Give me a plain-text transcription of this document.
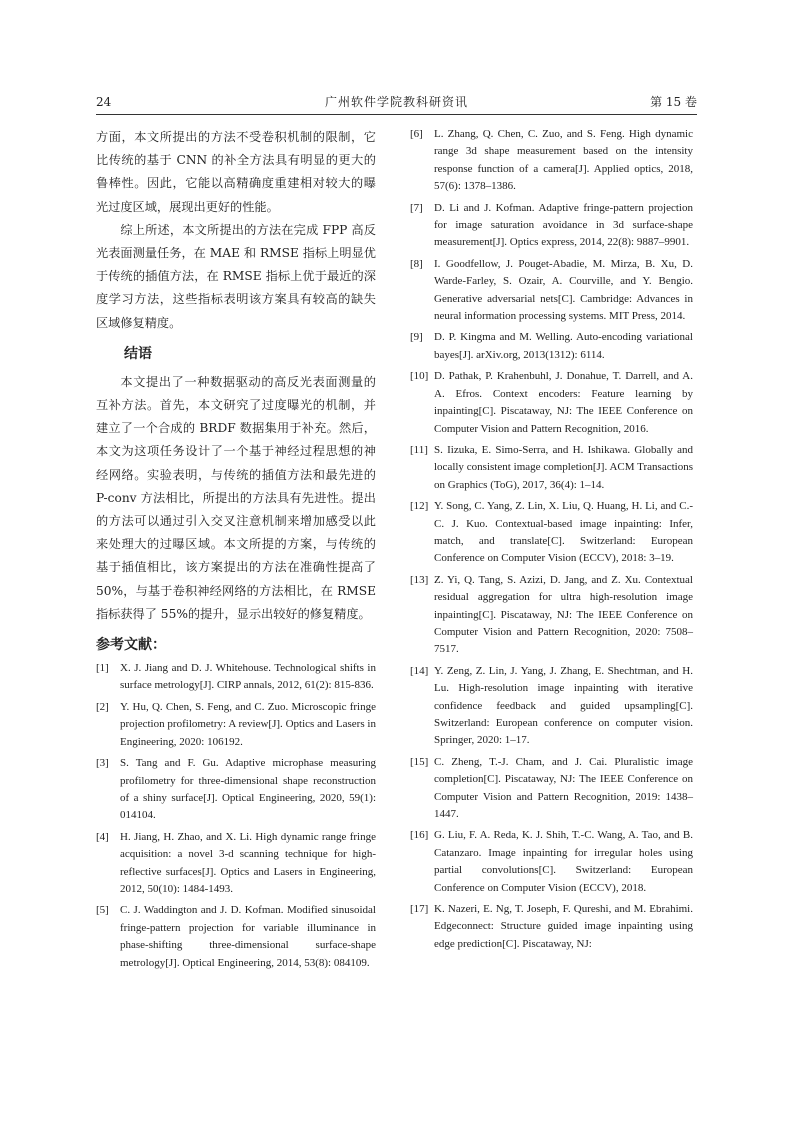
24	广州软件学院教科研资讯	第 15 卷

方面，本文所提出的方法不受卷积机制的限制，它比传统的基于 CNN 的补全方法具有明显的更大的鲁棒性。因此，它能以高精确度重建相对较大的曝光过度区域，展现出更好的性能。

综上所述，本文所提出的方法在完成 FPP 高反光表面测量任务，在 MAE 和 RMSE 指标上明显优于传统的插值方法，在 RMSE 指标上优于最近的深度学习方法，这些指标表明该方案具有较高的缺失区域修复精度。

结语

本文提出了一种数据驱动的高反光表面测量的互补方法。首先，本文研究了过度曝光的机制，并建立了一个合成的 BRDF 数据集用于补充。然后，本文为这项任务设计了一个基于神经过程思想的神经网络。实验表明，与传统的插值方法和最先进的 P-conv 方法相比，所提出的方法具有先进性。提出的方法可以通过引入交叉注意机制来增加感受以此来处理大的过曝区域。本文所提的方案，与传统的基于插值相比，该方案提出的方法在准确性提高了 50%，与基于卷积神经网络的方法相比，在 RMSE 指标获得了 55%的提升，显示出较好的修复精度。

参考文献：

[1] X. J. Jiang and D. J. Whitehouse. Technological shifts in surface metrology[J]. CIRP annals, 2012, 61(2): 815-836.

[2] Y. Hu, Q. Chen, S. Feng, and C. Zuo. Microscopic fringe projection profilometry: A review[J]. Optics and Lasers in Engineering, 2020: 106192.

[3] S. Tang and F. Gu. Adaptive microphase measuring profilometry for three-dimensional shape reconstruction of a shiny surface[J]. Optical Engineering, 2020, 59(1): 014104.

[4] H. Jiang, H. Zhao, and X. Li. High dynamic range fringe acquisition: a novel 3-d scanning technique for high-reflective surfaces[J]. Optics and Lasers in Engineering, 2012, 50(10): 1484-1493.

[5] C. J. Waddington and J. D. Kofman. Modified sinusoidal fringe-pattern projection for variable illuminance in phase-shifting three-dimensional surface-shape metrology[J]. Optical Engineering, 2014, 53(8): 084109.

[6] L. Zhang, Q. Chen, C. Zuo, and S. Feng. High dynamic range 3d shape measurement based on the intensity response function of a camera[J]. Applied optics, 2018, 57(6): 1378–1386.

[7] D. Li and J. Kofman. Adaptive fringe-pattern projection for image saturation avoidance in 3d surface-shape measurement[J]. Optics express, 2014, 22(8): 9887–9901.

[8] I. Goodfellow, J. Pouget-Abadie, M. Mirza, B. Xu, D. Warde-Farley, S. Ozair, A. Courville, and Y. Bengio. Generative adversarial nets[C]. Cambridge: Advances in neural information processing systems. MIT Press, 2014.

[9] D. P. Kingma and M. Welling. Auto-encoding variational bayes[J]. arXiv.org, 2013(1312): 6114.

[10] D. Pathak, P. Krahenbuhl, J. Donahue, T. Darrell, and A. A. Efros. Context encoders: Feature learning by inpainting[C]. Piscataway, NJ: The IEEE Conference on Computer Vision and Pattern Recognition, 2016.

[11] S. Iizuka, E. Simo-Serra, and H. Ishikawa. Globally and locally consistent image completion[J]. ACM Transactions on Graphics (ToG), 2017, 36(4): 1–14.

[12] Y. Song, C. Yang, Z. Lin, X. Liu, Q. Huang, H. Li, and C.-C. J. Kuo. Contextual-based image inpainting: Infer, match, and translate[C]. Switzerland: European Conference on Computer Vision (ECCV), 2018: 3–19.

[13] Z. Yi, Q. Tang, S. Azizi, D. Jang, and Z. Xu. Contextual residual aggregation for ultra high-resolution image inpainting[C]. Piscataway, NJ: The IEEE Conference on Computer Vision and Pattern Recognition, 2020: 7508–7517.

[14] Y. Zeng, Z. Lin, J. Yang, J. Zhang, E. Shechtman, and H. Lu. High-resolution image inpainting with iterative confidence feedback and guided upsampling[C]. Switzerland: European conference on computer vision. Springer, 2020: 1–17.

[15] C. Zheng, T.-J. Cham, and J. Cai. Pluralistic image completion[C]. Piscataway, NJ: The IEEE Conference on Computer Vision and Pattern Recognition, 2019: 1438–1447.

[16] G. Liu, F. A. Reda, K. J. Shih, T.-C. Wang, A. Tao, and B. Catanzaro. Image inpainting for irregular holes using partial convolutions[C]. Switzerland: European Conference on Computer Vision (ECCV), 2018.

[17] K. Nazeri, E. Ng, T. Joseph, F. Qureshi, and M. Ebrahimi. Edgeconnect: Structure guided image inpainting using edge prediction[C]. Piscataway, NJ:
